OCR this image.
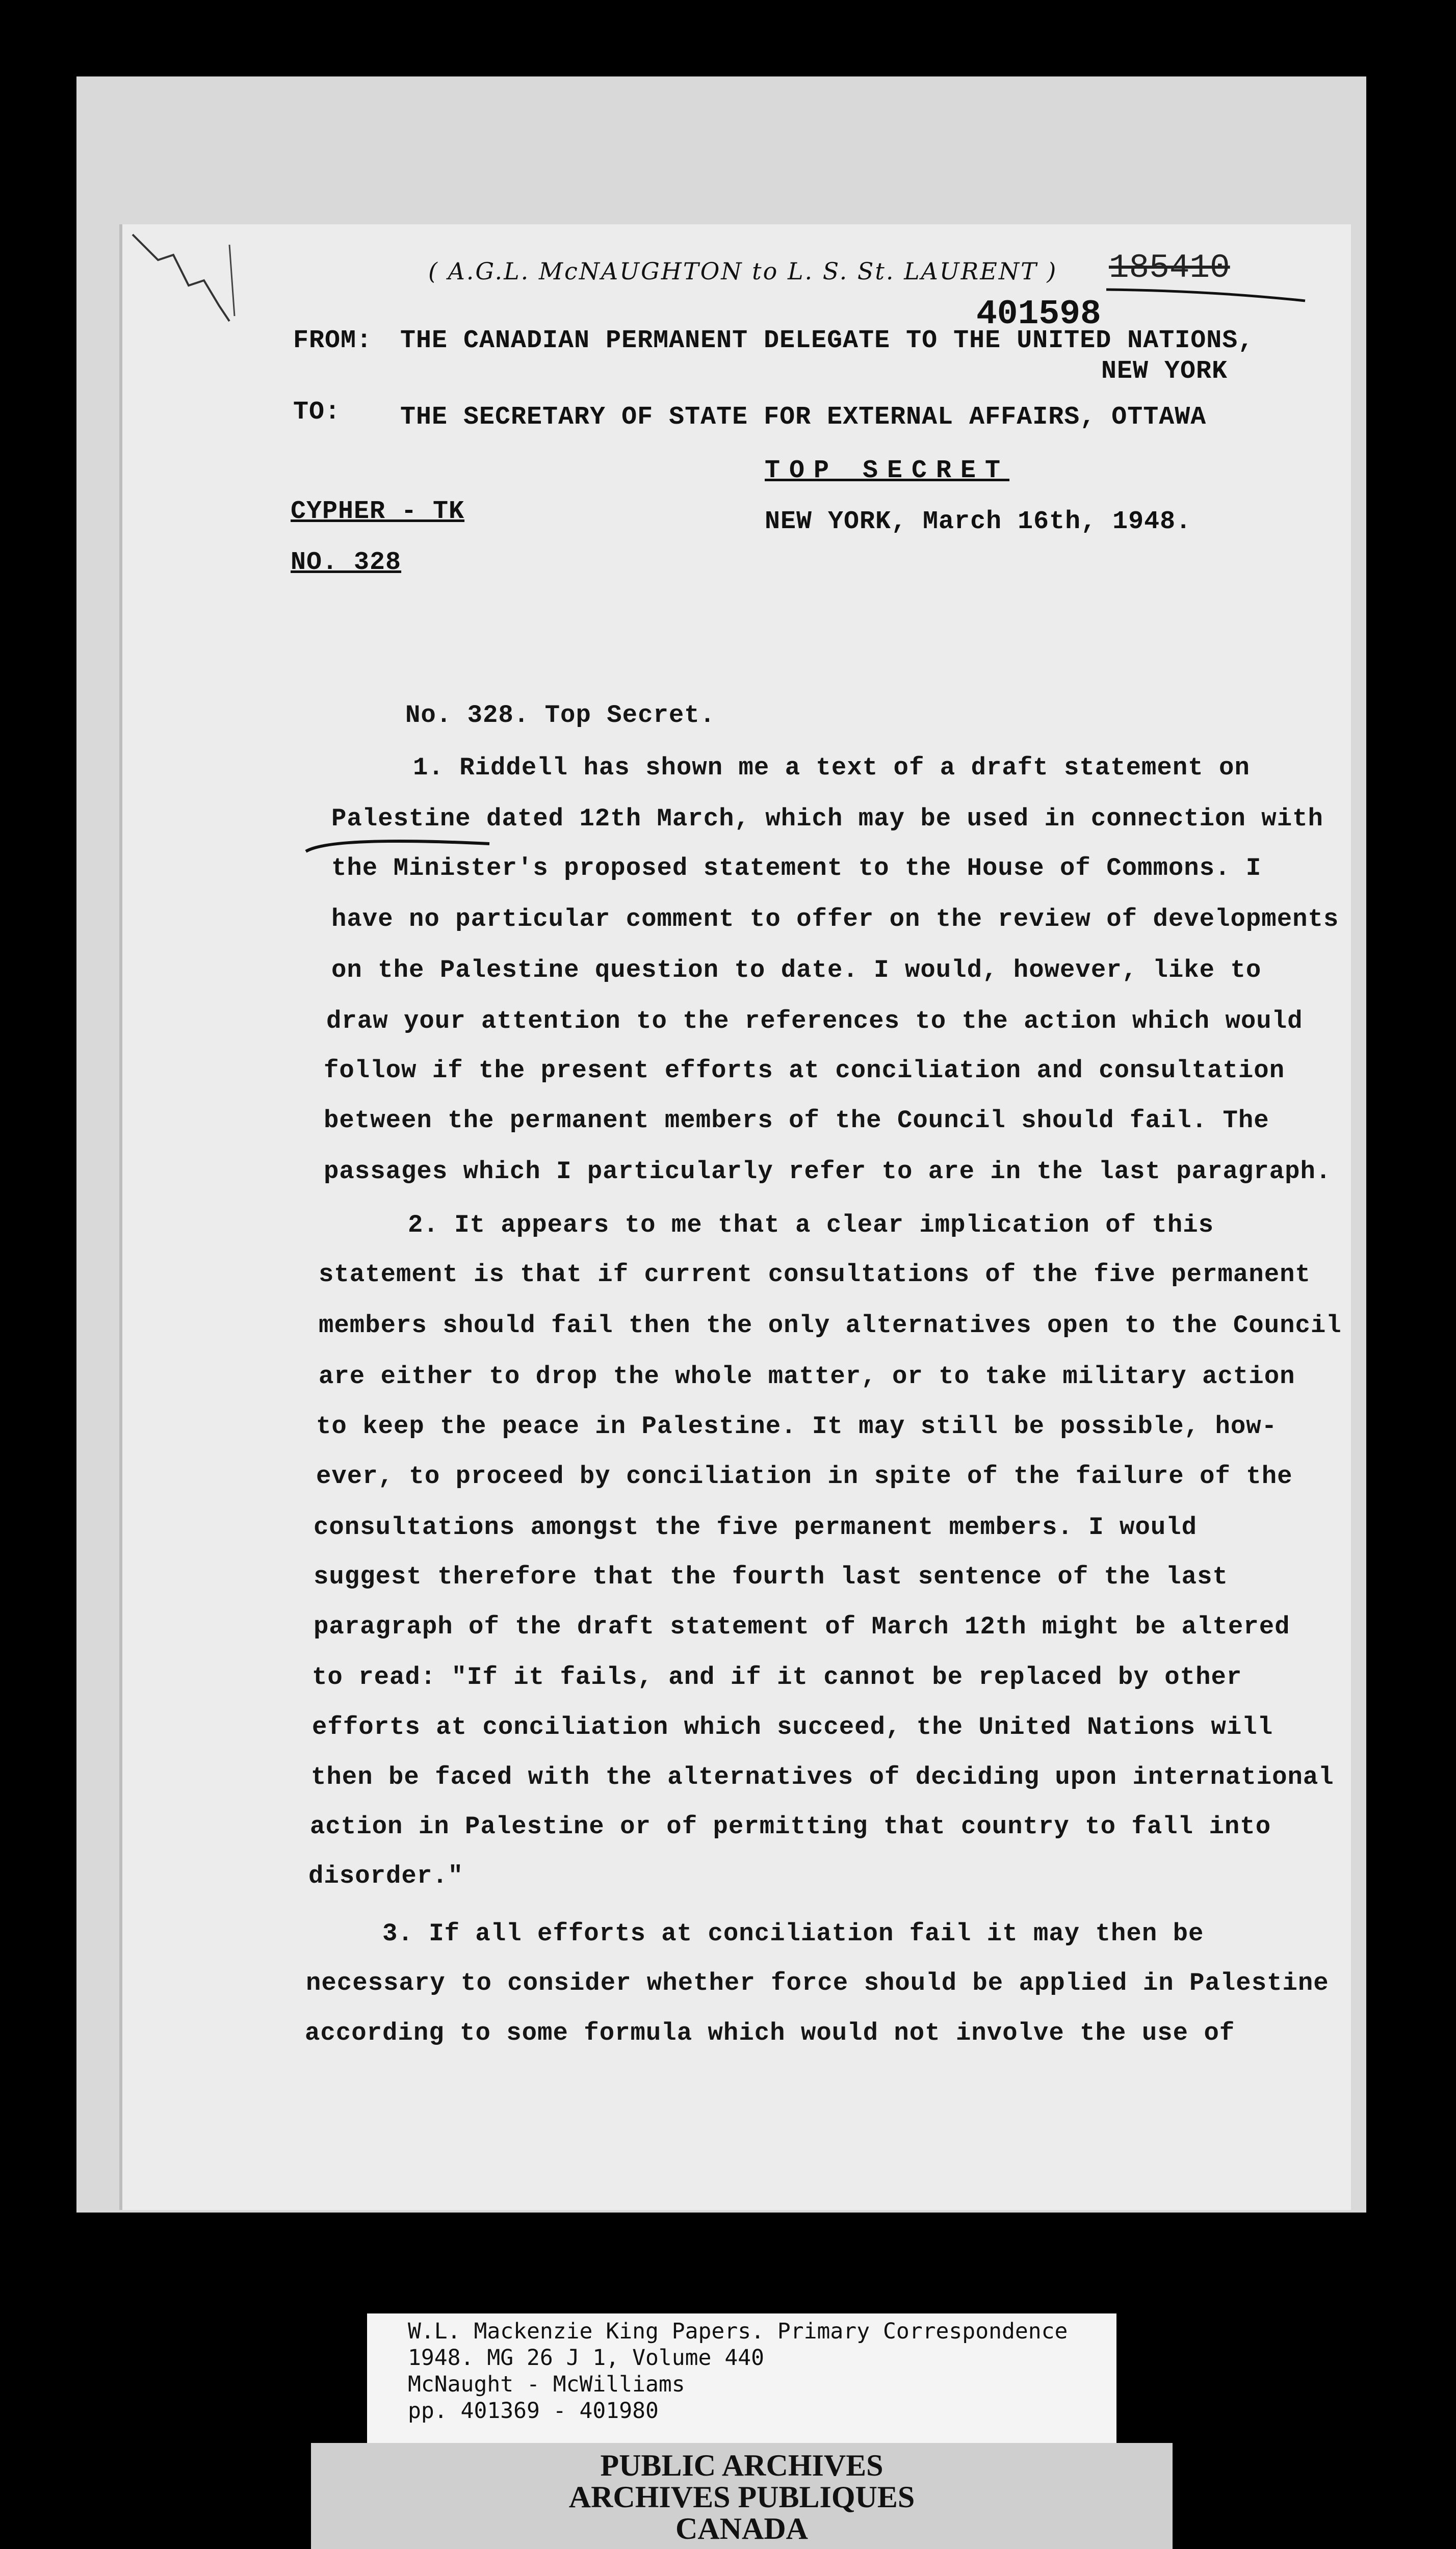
( A.G.L. McNAUGHTON to L. S. St. LAURENT ) 185410
401598
FROM: THE CANADIAN PERMANENT DELEGATE TO THE UNITED NATIONS,
NEW YORK
TO: THE SECRETARY OF STATE FOR EXTERNAL AFFAIRS, OTTAWA
TOP SECRET
CYPHER - TK	NEW YORK, March 16th, 1948.
NO. 328
No. 328. Top Secret.
1. Riddell has shown me a text of a draft statement on
Palestine dated 12th March, which may be used in connection with
the Minister's proposed statement to the House of Commons. I
have no particular comment to offer on the review of developments
on the Palestine question to date. I would, however, like to
draw your attention to the references to the action which would
follow if the present efforts at conciliation and consultation
between the permanent members of the Council should fail. The
passages which I particularly refer to are in the last paragraph.
2. It appears to me that a clear implication of this
statement is that if current consultations of the five permanent
members should fail then the only alternatives open to the Council
are either to drop the whole matter, or to take military action
to keep the peace in Palestine. It may still be possible, how-
ever, to proceed by conciliation in spite of the failure of the
consultations amongst the five permanent members. I would
suggest therefore that the fourth last sentence of the last
paragraph of the draft statement of March 12th might be altered
to read: "If it fails, and if it cannot be replaced by other
efforts at conciliation which succeed, the United Nations will
then be faced with the alternatives of deciding upon international
action in Palestine or of permitting that country to fall into
disorder."
3. If all efforts at conciliation fail it may then be
necessary to consider whether force should be applied in Palestine
according to some formula which would not involve the use of
W.L. Mackenzie King Papers. Primary Correspondence
1948. MG 26 J 1, Volume 440
McNaught - McWilliams
pp. 401369 - 401980
PUBLIC ARCHIVES
ARCHIVES PUBLIQUES
CANADA
